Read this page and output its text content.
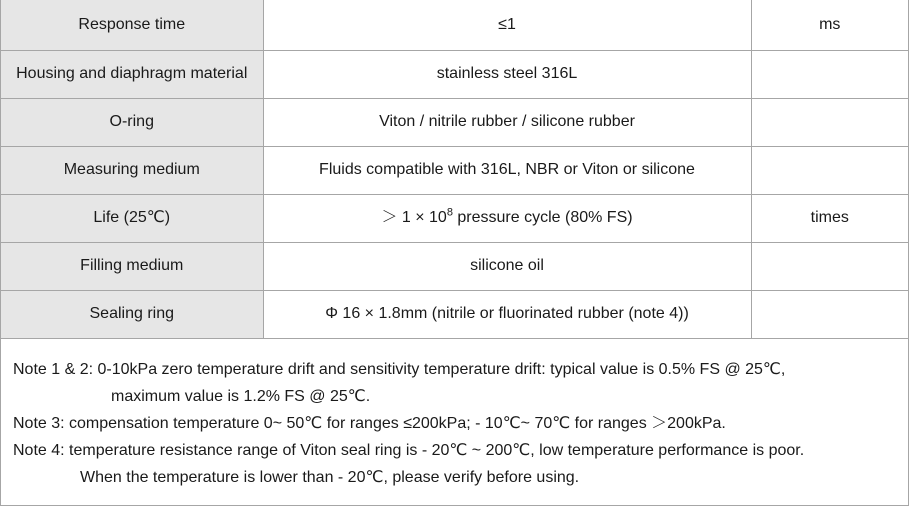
Response time	≤1	ms
Housing and diaphragm material	stainless steel 316L	
O-ring	Viton / nitrile rubber / silicone rubber	
Measuring medium	Fluids compatible with 316L, NBR or Viton or silicone	
Life (25℃)	＞ $1 \times 10^8$ pressure cycle (80% FS)	times
Filling medium	silicone oil	
Sealing ring	Φ 16 × 1.8mm (nitrile or fluorinated rubber (note 4))	
Note 1 & 2: 0-10kPa zero temperature drift and sensitivity temperature drift: typical value is 0.5% FS @ 25℃,
maximum value is 1.2% FS @ 25℃.
Note 3: compensation temperature 0~ 50℃ for ranges ≤200kPa; - 10℃~ 70℃ for ranges ＞200kPa.
Note 4: temperature resistance range of Viton seal ring is - 20℃ ~ 200℃, low temperature performance is poor.
When the temperature is lower than - 20℃, please verify before using.
